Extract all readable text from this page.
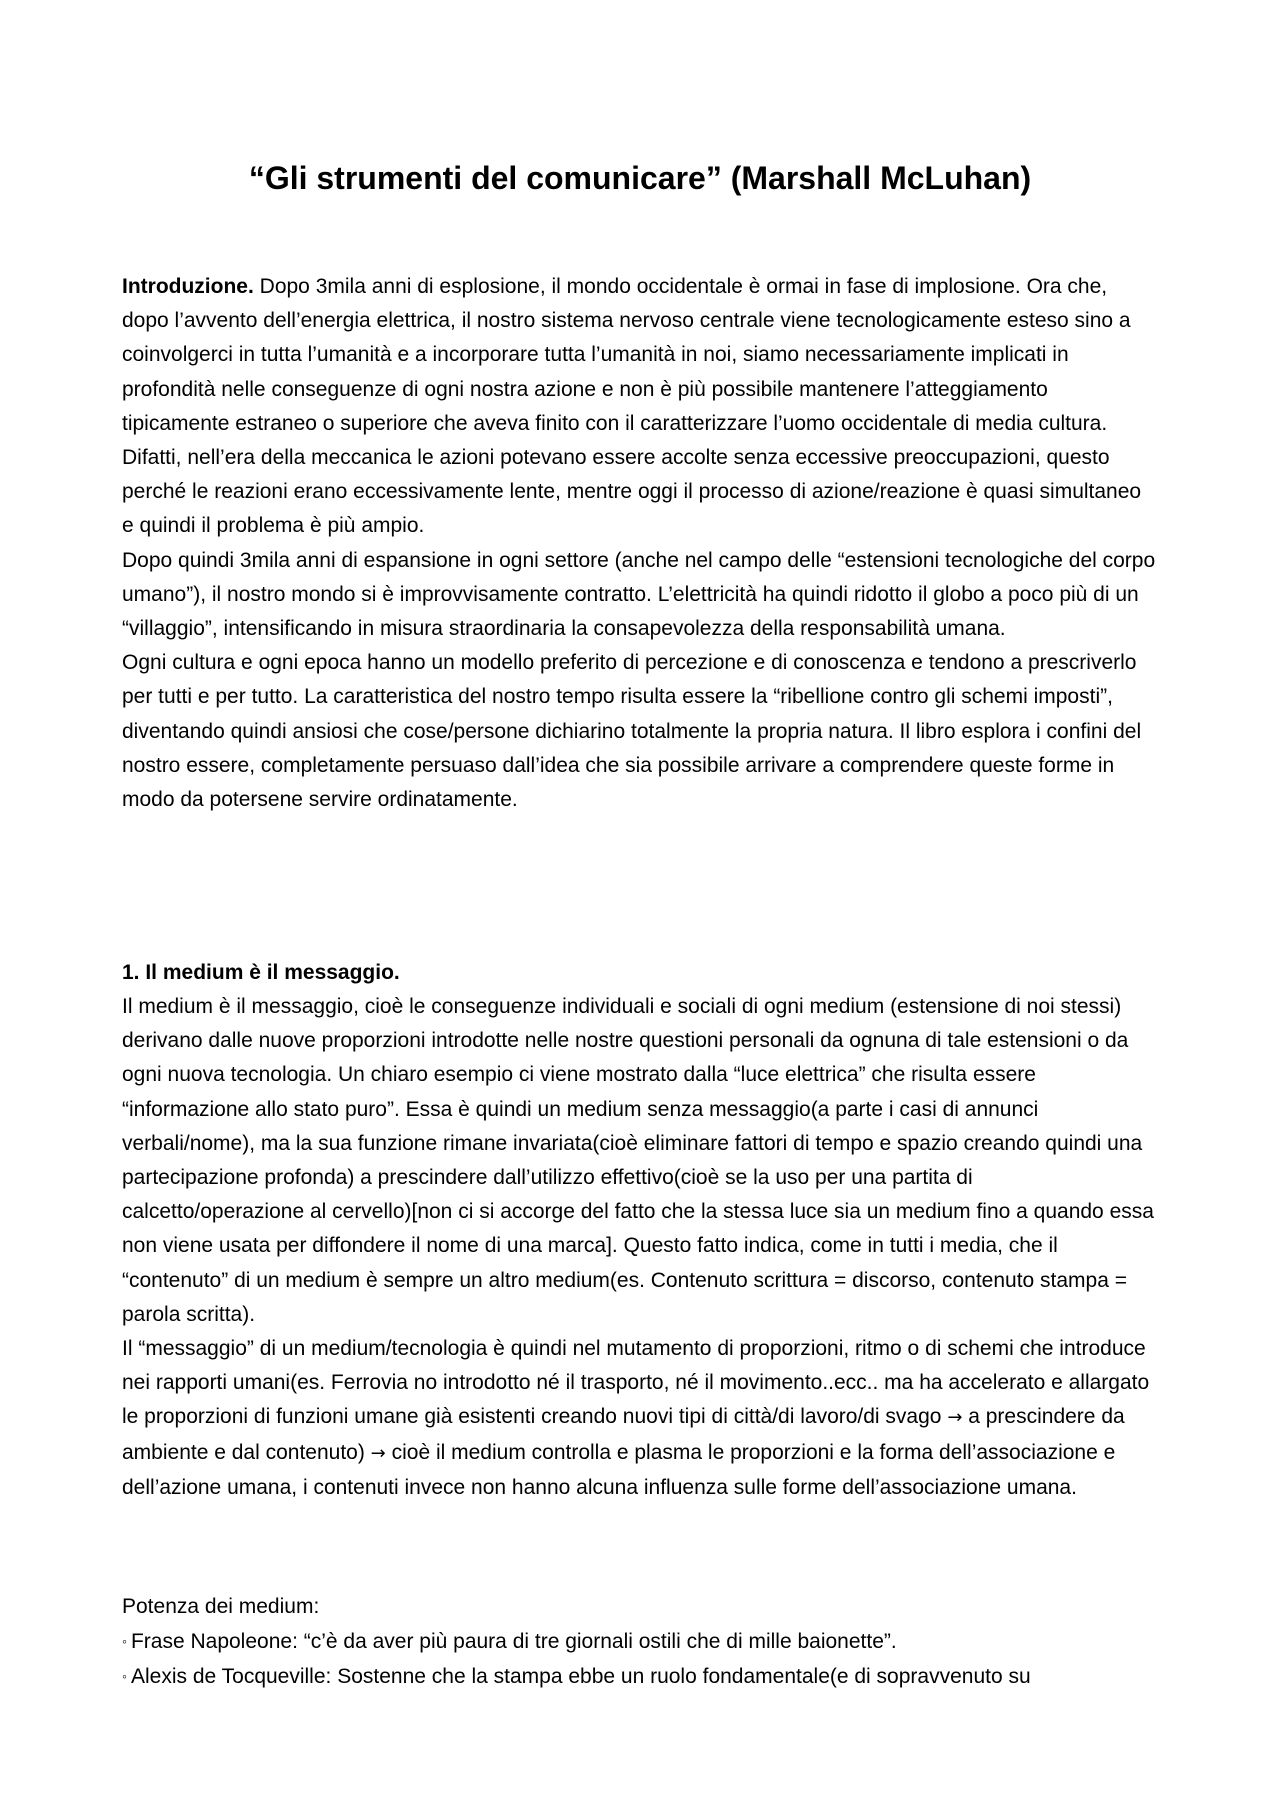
“Gli strumenti del comunicare” (Marshall McLuhan)

Introduzione. Dopo 3mila anni di esplosione, il mondo occidentale è ormai in fase di implosione. Ora che, dopo l’avvento dell’energia elettrica, il nostro sistema nervoso centrale viene tecnologicamente esteso sino a coinvolgerci in tutta l’umanità e a incorporare tutta l’umanità in noi, siamo necessariamente implicati in profondità nelle conseguenze di ogni nostra azione e non è più possibile mantenere l’atteggiamento tipicamente estraneo o superiore che aveva finito con il caratterizzare l’uomo occidentale di media cultura.

Difatti, nell’era della meccanica le azioni potevano essere accolte senza eccessive preoccupazioni, questo perché le reazioni erano eccessivamente lente, mentre oggi il processo di azione/reazione è quasi simultaneo e quindi il problema è più ampio.

Dopo quindi 3mila anni di espansione in ogni settore (anche nel campo delle “estensioni tecnologiche del corpo umano”), il nostro mondo si è improvvisamente contratto. L’elettricità ha quindi ridotto il globo a poco più di un “villaggio”, intensificando in misura straordinaria la consapevolezza della responsabilità umana.

Ogni cultura e ogni epoca hanno un modello preferito di percezione e di conoscenza e tendono a prescriverlo per tutti e per tutto. La caratteristica del nostro tempo risulta essere la “ribellione contro gli schemi imposti”, diventando quindi ansiosi che cose/persone dichiarino totalmente la propria natura. Il libro esplora i confini del nostro essere, completamente persuaso dall’idea che sia possibile arrivare a comprendere queste forme in modo da potersene servire ordinatamente.

1. Il medium è il messaggio.

Il medium è il messaggio, cioè le conseguenze individuali e sociali di ogni medium (estensione di noi stessi) derivano dalle nuove proporzioni introdotte nelle nostre questioni personali da ognuna di tale estensioni o da ogni nuova tecnologia. Un chiaro esempio ci viene mostrato dalla “luce elettrica” che risulta essere “informazione allo stato puro”. Essa è quindi un medium senza messaggio(a parte i casi di annunci verbali/nome), ma la sua funzione rimane invariata(cioè eliminare fattori di tempo e spazio creando quindi una partecipazione profonda) a prescindere dall’utilizzo effettivo(cioè se la uso per una partita di calcetto/operazione al cervello)[non ci si accorge del fatto che la stessa luce sia un medium fino a quando essa non viene usata per diffondere il nome di una marca]. Questo fatto indica, come in tutti i media, che il “contenuto” di un medium è sempre un altro medium(es. Contenuto scrittura = discorso, contenuto stampa = parola scritta).

Il “messaggio” di un medium/tecnologia è quindi nel mutamento di proporzioni, ritmo o di schemi che introduce nei rapporti umani(es. Ferrovia no introdotto né il trasporto, né il movimento..ecc.. ma ha accelerato e allargato le proporzioni di funzioni umane già esistenti creando nuovi tipi di città/di lavoro/di svago → a prescindere da ambiente e dal contenuto) → cioè il medium controlla e plasma le proporzioni e la forma dell’associazione e dell’azione umana, i contenuti invece non hanno alcuna influenza sulle forme dell’associazione umana.

Potenza dei medium:

◦ Frase Napoleone: “c’è da aver più paura di tre giornali ostili che di mille baionette”.
◦ Alexis de Tocqueville: Sostenne che la stampa ebbe un ruolo fondamentale(e di sopravvenuto su
